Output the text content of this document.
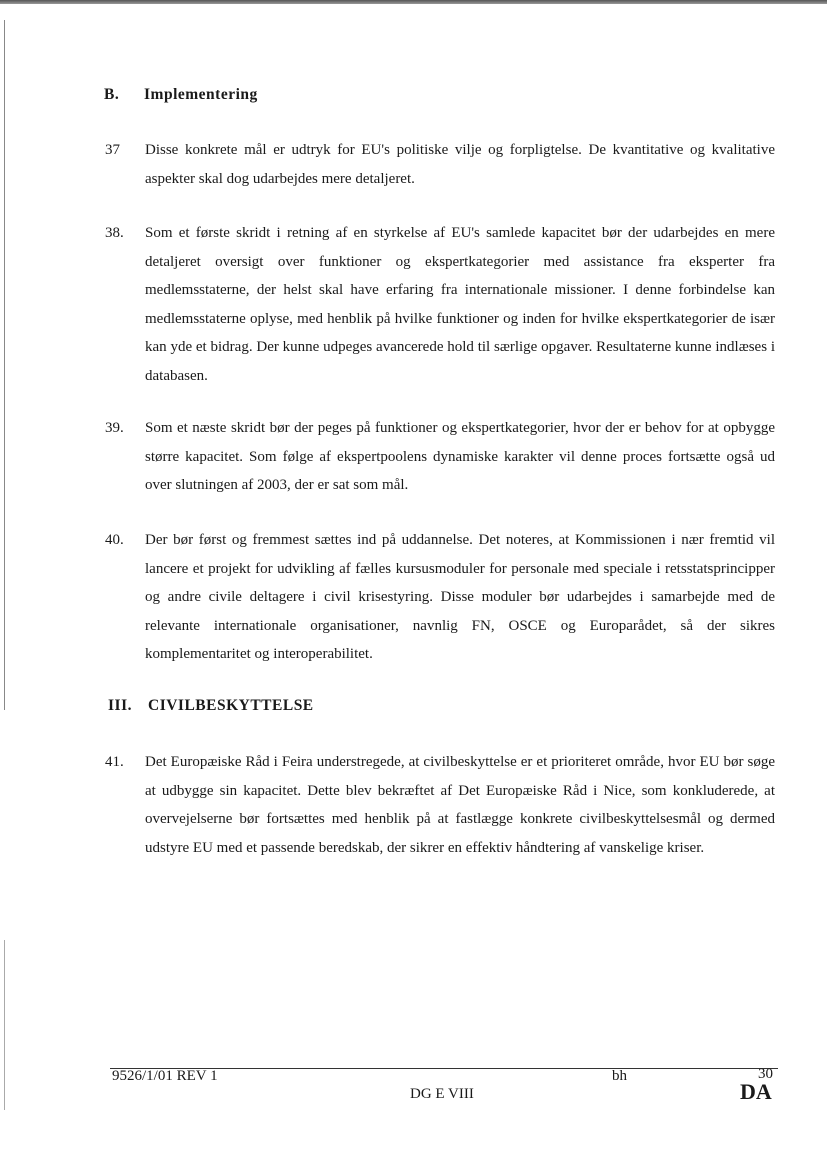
B. Implementering
37 Disse konkrete mål er udtryk for EU's politiske vilje og forpligtelse. De kvantitative og kvalitative aspekter skal dog udarbejdes mere detaljeret.
38. Som et første skridt i retning af en styrkelse af EU's samlede kapacitet bør der udarbejdes en mere detaljeret oversigt over funktioner og ekspertkategorier med assistance fra eksperter fra medlemsstaterne, der helst skal have erfaring fra internationale missioner. I denne forbindelse kan medlemsstaterne oplyse, med henblik på hvilke funktioner og inden for hvilke ekspertkategorier de især kan yde et bidrag. Der kunne udpeges avancerede hold til særlige opgaver. Resultaterne kunne indlæses i databasen.
39. Som et næste skridt bør der peges på funktioner og ekspertkategorier, hvor der er behov for at opbygge større kapacitet. Som følge af ekspertpoolens dynamiske karakter vil denne proces fortsætte også ud over slutningen af 2003, der er sat som mål.
40. Der bør først og fremmest sættes ind på uddannelse. Det noteres, at Kommissionen i nær fremtid vil lancere et projekt for udvikling af fælles kursusmoduler for personale med speciale i retsstatsprincipper og andre civile deltagere i civil krisestyring. Disse moduler bør udarbejdes i samarbejde med de relevante internationale organisationer, navnlig FN, OSCE og Europarådet, så der sikres komplementaritet og interoperabilitet.
III. CIVILBESKYTTELSE
41. Det Europæiske Råd i Feira understregede, at civilbeskyttelse er et prioriteret område, hvor EU bør søge at udbygge sin kapacitet. Dette blev bekræftet af Det Europæiske Råd i Nice, som konkluderede, at overvejelserne bør fortsættes med henblik på at fastlægge konkrete civilbeskyttelsesmål og dermed udstyre EU med et passende beredskab, der sikrer en effektiv håndtering af vanskelige kriser.
9526/1/01 REV 1	bh	30
DG E VIII	DA
